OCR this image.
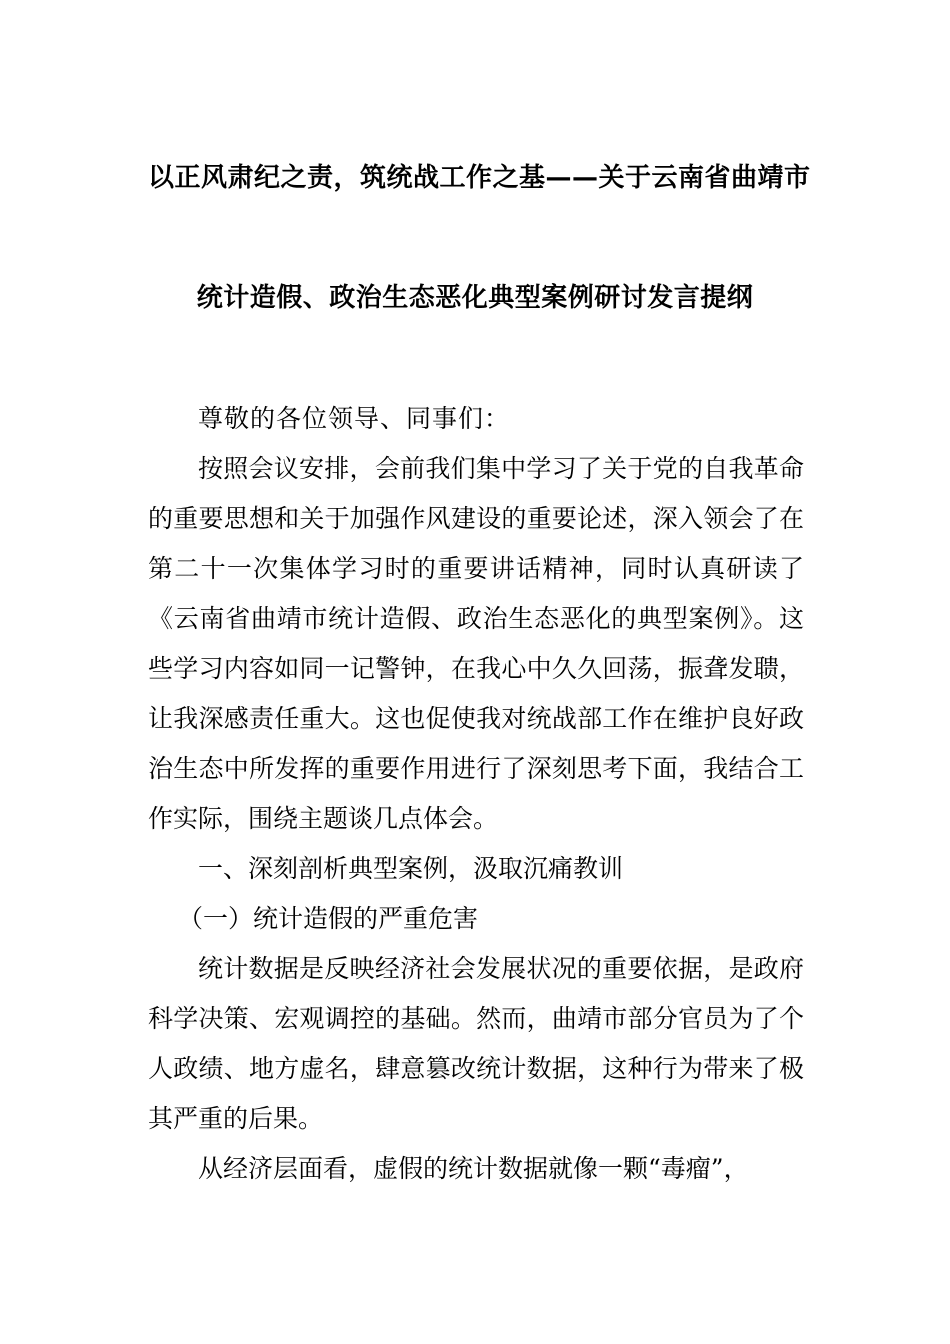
以正风肃纪之责，筑统战工作之基——关于云南省曲靖市
统计造假、政治生态恶化典型案例研讨发言提纲

尊敬的各位领导、同事们：

按照会议安排，会前我们集中学习了关于党的自我革命的重要思想和关于加强作风建设的重要论述，深入领会了在第二十一次集体学习时的重要讲话精神，同时认真研读了《云南省曲靖市统计造假、政治生态恶化的典型案例》。这些学习内容如同一记警钟，在我心中久久回荡，振聋发聩，让我深感责任重大。这也促使我对统战部工作在维护良好政治生态中所发挥的重要作用进行了深刻思考下面，我结合工作实际，围绕主题谈几点体会。

一、深刻剖析典型案例，汲取沉痛教训

（一）统计造假的严重危害

统计数据是反映经济社会发展状况的重要依据，是政府科学决策、宏观调控的基础。然而，曲靖市部分官员为了个人政绩、地方虚名，肆意篡改统计数据，这种行为带来了极其严重的后果。

从经济层面看，虚假的统计数据就像一颗“毒瘤”，
